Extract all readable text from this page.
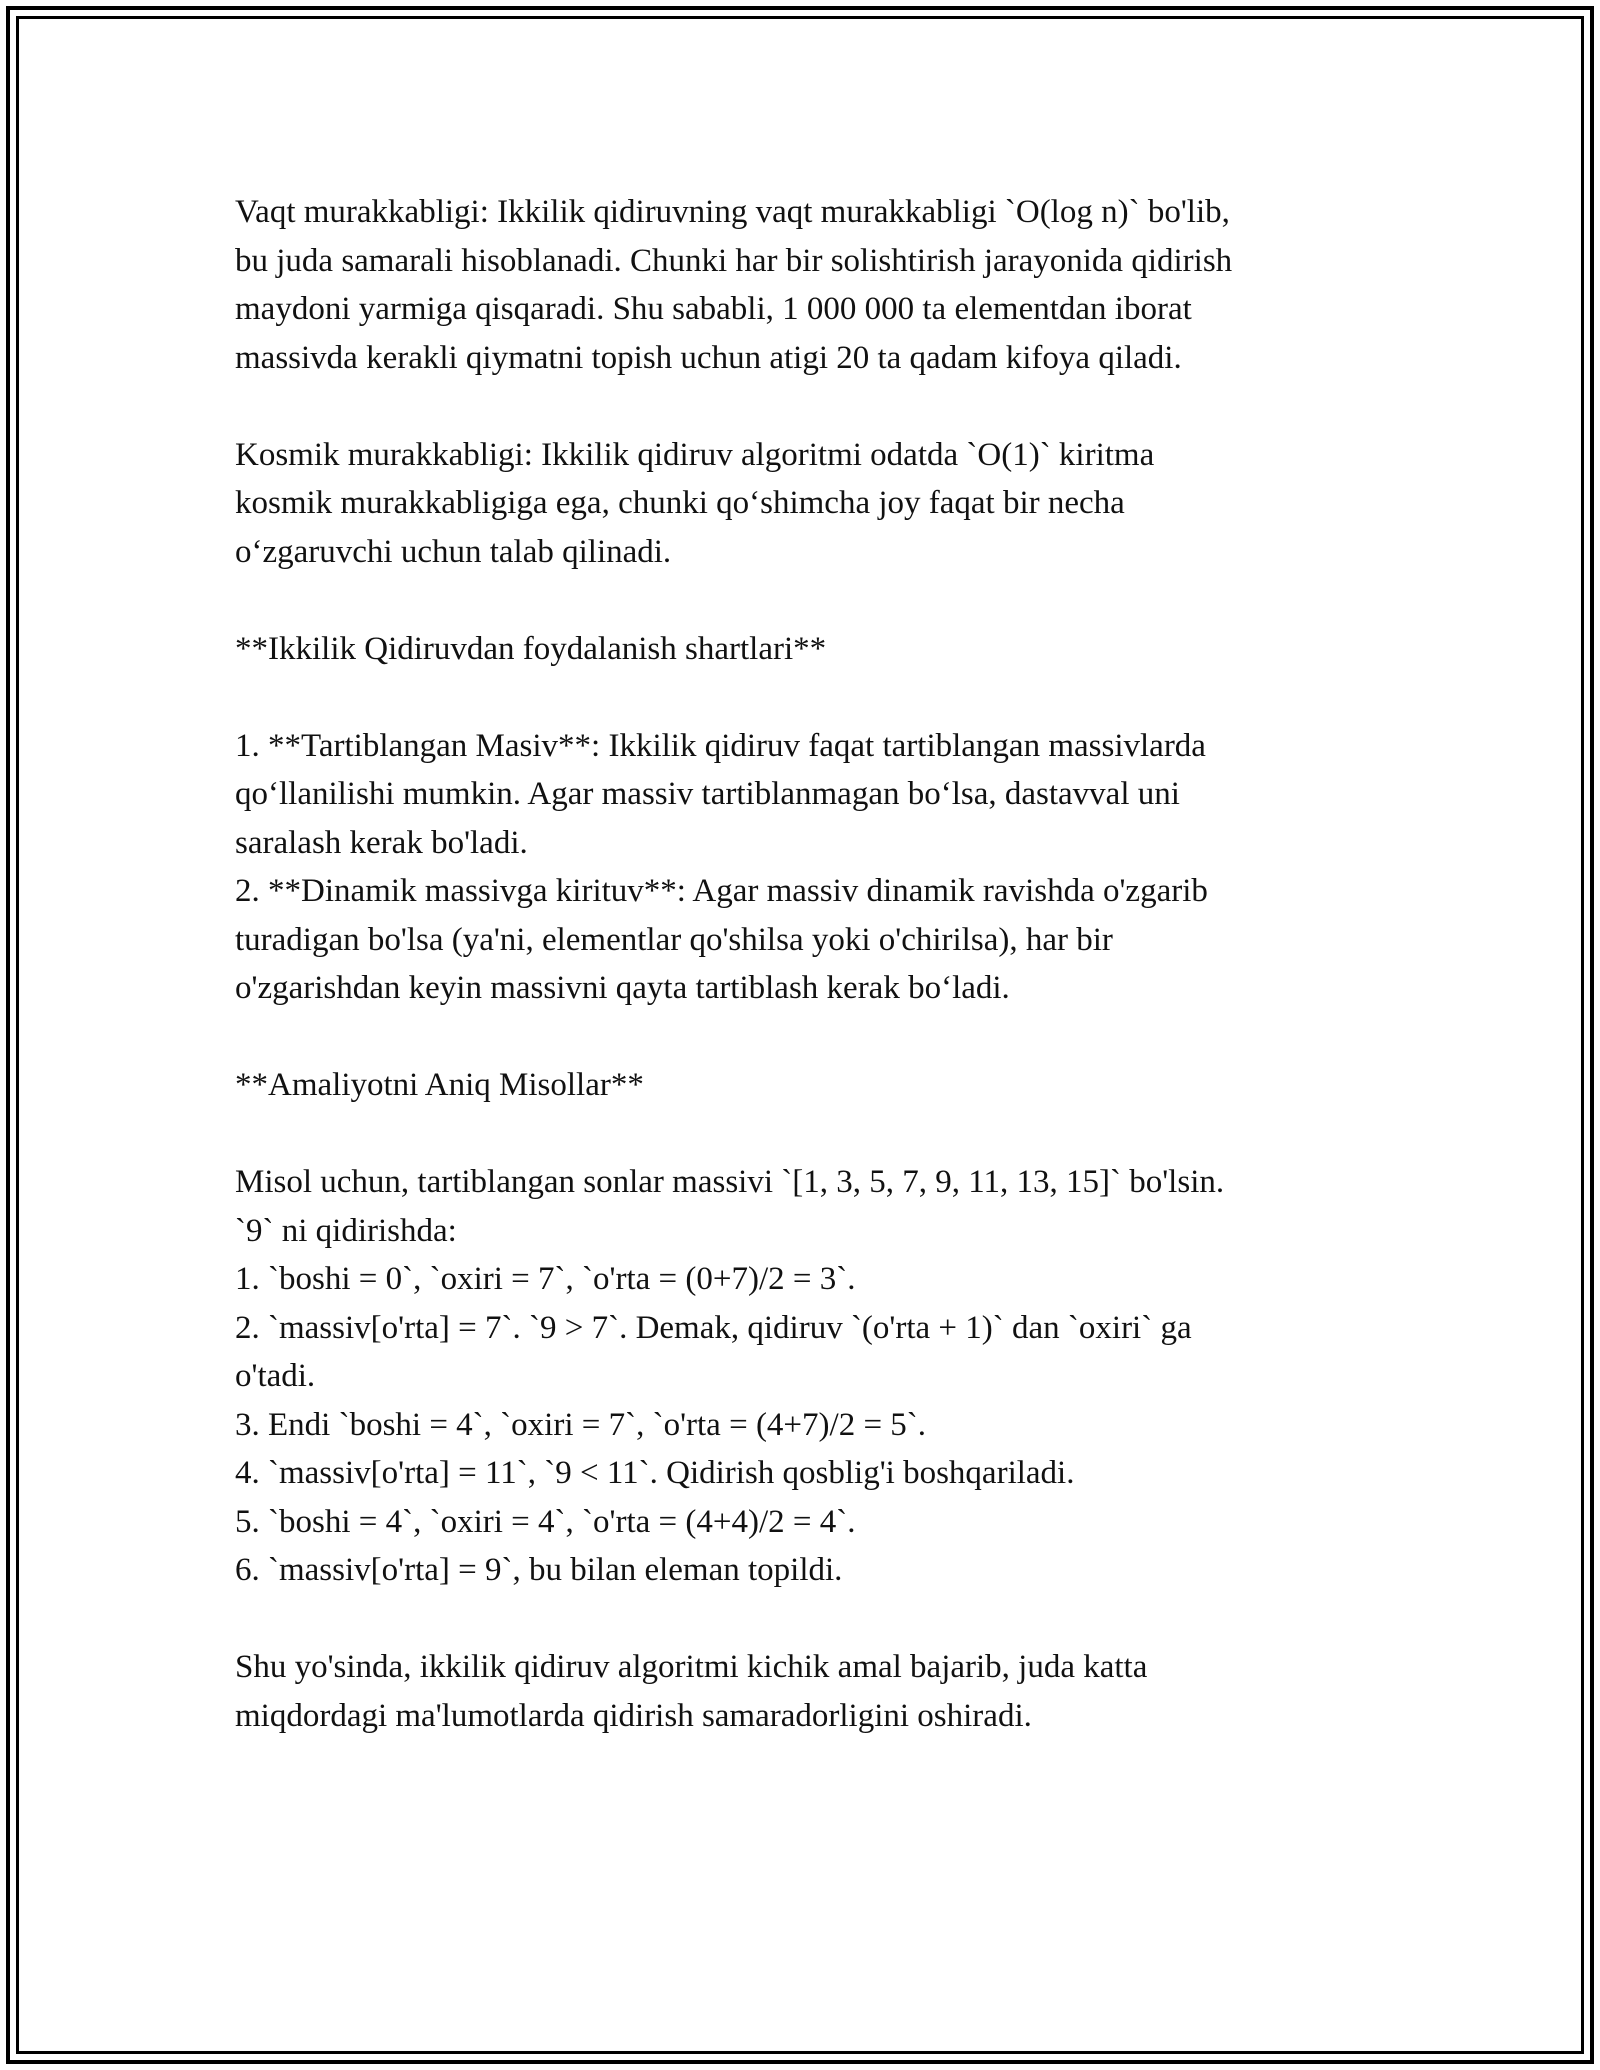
Vaqt murakkabligi: Ikkilik qidiruvning vaqt murakkabligi `O(log n)` bo'lib,
bu juda samarali hisoblanadi. Chunki har bir solishtirish jarayonida qidirish
maydoni yarmiga qisqaradi. Shu sababli, 1 000 000 ta elementdan iborat
massivda kerakli qiymatni topish uchun atigi 20 ta qadam kifoya qiladi.

Kosmik murakkabligi: Ikkilik qidiruv algoritmi odatda `O(1)` kiritma
kosmik murakkabligiga ega, chunki qo‘shimcha joy faqat bir necha
o‘zgaruvchi uchun talab qilinadi.

**Ikkilik Qidiruvdan foydalanish shartlari**

1. **Tartiblangan Masiv**: Ikkilik qidiruv faqat tartiblangan massivlarda
qo‘llanilishi mumkin. Agar massiv tartiblanmagan bo‘lsa, dastavval uni
saralash kerak bo'ladi.
2. **Dinamik massivga kirituv**: Agar massiv dinamik ravishda o'zgarib
turadigan bo'lsa (ya'ni, elementlar qo'shilsa yoki o'chirilsa), har bir
o'zgarishdan keyin massivni qayta tartiblash kerak bo‘ladi.

**Amaliyotni Aniq Misollar**

Misol uchun, tartiblangan sonlar massivi `[1, 3, 5, 7, 9, 11, 13, 15]` bo'lsin.
`9` ni qidirishda:
1. `boshi = 0`, `oxiri = 7`, `o'rta = (0+7)/2 = 3`.
2. `massiv[o'rta] = 7`. `9 > 7`. Demak, qidiruv `(o'rta + 1)` dan `oxiri` ga
o'tadi.
3. Endi `boshi = 4`, `oxiri = 7`, `o'rta = (4+7)/2 = 5`.
4. `massiv[o'rta] = 11`, `9 < 11`. Qidirish qosblig'i boshqariladi.
5. `boshi = 4`, `oxiri = 4`, `o'rta = (4+4)/2 = 4`.
6. `massiv[o'rta] = 9`, bu bilan eleman topildi.

Shu yo'sinda, ikkilik qidiruv algoritmi kichik amal bajarib, juda katta
miqdordagi ma'lumotlarda qidirish samaradorligini oshiradi.
